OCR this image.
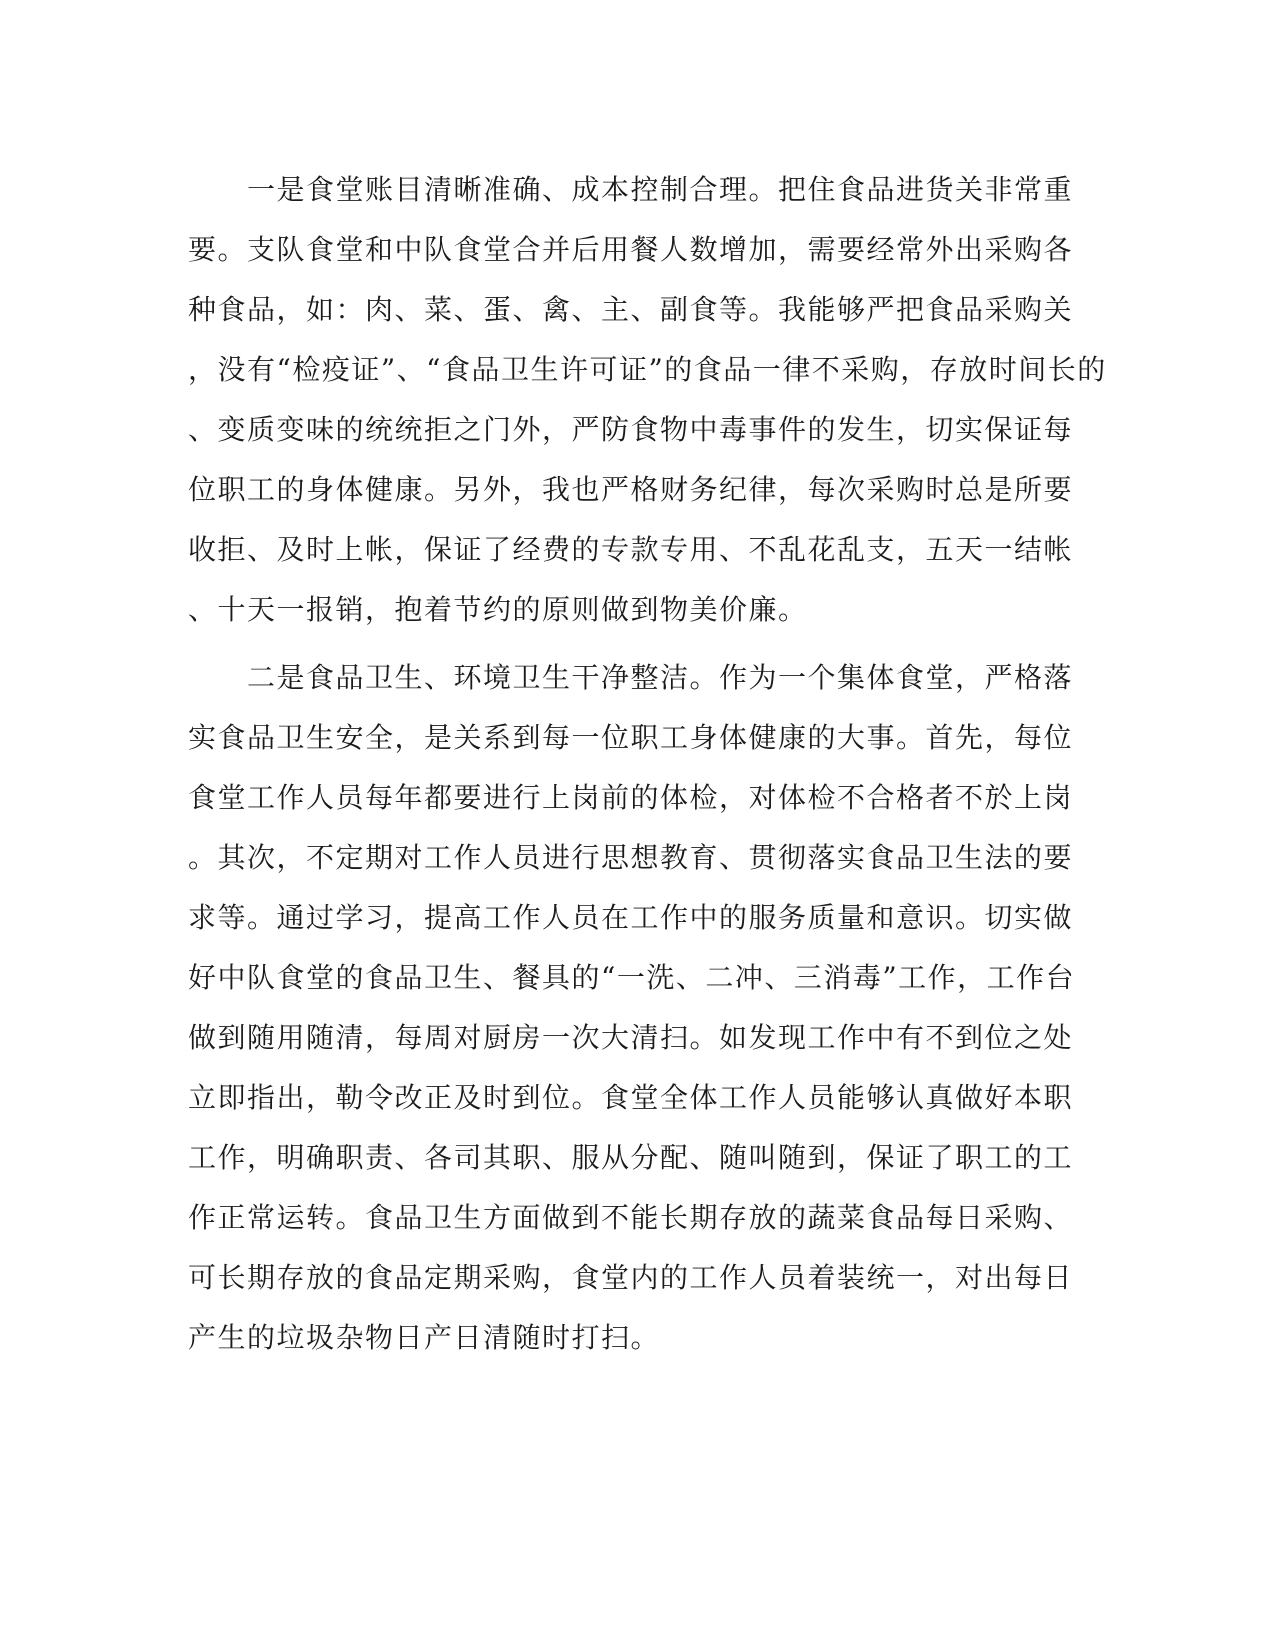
　　一是食堂账目清晰准确、成本控制合理。把住食品进货关非常重
要。支队食堂和中队食堂合并后用餐人数增加，需要经常外出采购各
种食品，如：肉、菜、蛋、禽、主、副食等。我能够严把食品采购关
，没有“检疫证”、“食品卫生许可证”的食品一律不采购，存放时间长的
、变质变味的统统拒之门外，严防食物中毒事件的发生，切实保证每
位职工的身体健康。另外，我也严格财务纪律，每次采购时总是所要
收拒、及时上帐，保证了经费的专款专用、不乱花乱支，五天一结帐
、十天一报销，抱着节约的原则做到物美价廉。
　　二是食品卫生、环境卫生干净整洁。作为一个集体食堂，严格落
实食品卫生安全，是关系到每一位职工身体健康的大事。首先，每位
食堂工作人员每年都要进行上岗前的体检，对体检不合格者不於上岗
。其次，不定期对工作人员进行思想教育、贯彻落实食品卫生法的要
求等。通过学习，提高工作人员在工作中的服务质量和意识。切实做
好中队食堂的食品卫生、餐具的“一洗、二冲、三消毒”工作，工作台
做到随用随清，每周对厨房一次大清扫。如发现工作中有不到位之处
立即指出，勒令改正及时到位。食堂全体工作人员能够认真做好本职
工作，明确职责、各司其职、服从分配、随叫随到，保证了职工的工
作正常运转。食品卫生方面做到不能长期存放的蔬菜食品每日采购、
可长期存放的食品定期采购，食堂内的工作人员着装统一，对出每日
产生的垃圾杂物日产日清随时打扫。
